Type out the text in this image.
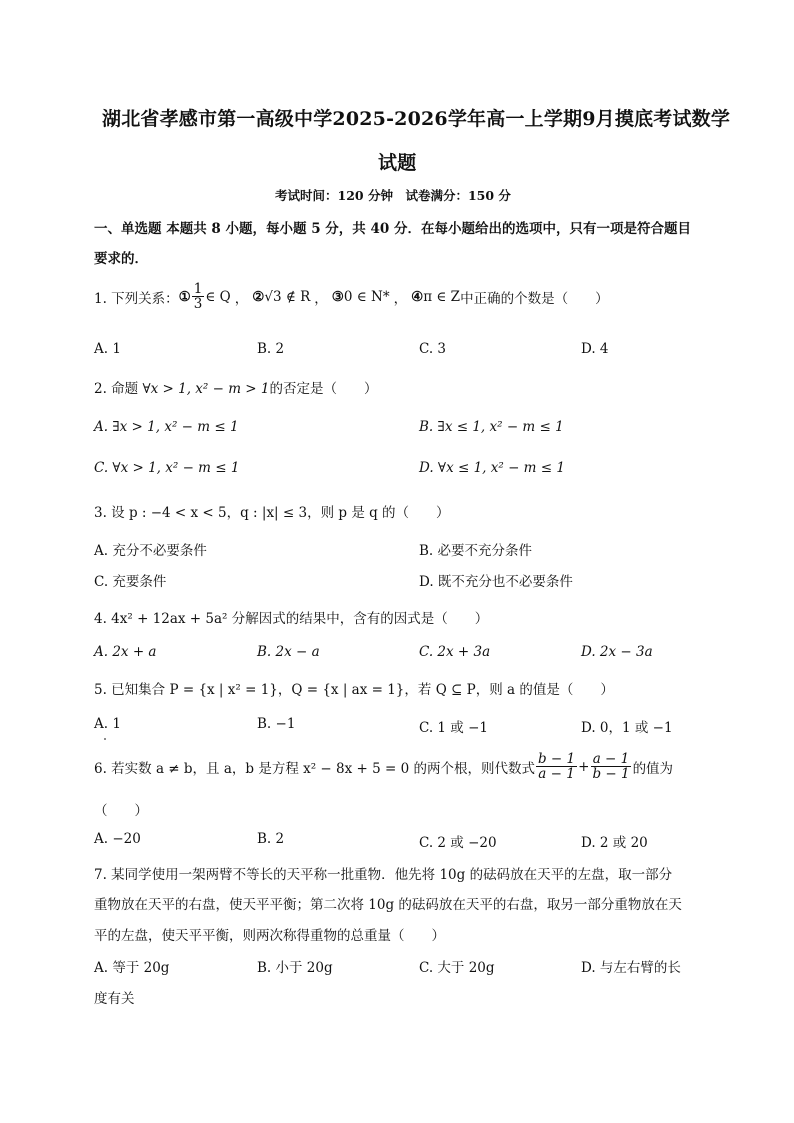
湖北省孝感市第一高级中学2025-2026学年高一上学期9月摸底考试数学
试题
考试时间：120 分钟　试卷满分：150 分
一、单选题 本题共 8 小题，每小题 5 分，共 40 分．在每小题给出的选项中，只有一项是符合题目
要求的．
1. 下列关系： ① $\frac{1}{3}$ ∈ Q ， ② √3 ∉ R ， ③ 0 ∈ N* ， ④ π ∈ Z 中正确的个数是（　　）
A. 1	B. 2	C. 3	D. 4
2. 命题 ∀x > 1, x² − m > 1的否定是（　　）
A. ∃x > 1, x² − m ≤ 1	B. ∃x ≤ 1, x² − m ≤ 1
C. ∀x > 1, x² − m ≤ 1	D. ∀x ≤ 1, x² − m ≤ 1
3. 设 p : −4 < x < 5，q : |x| ≤ 3，则 p 是 q 的（　　）
A. 充分不必要条件	B. 必要不充分条件
C. 充要条件	D. 既不充分也不必要条件
4. 4x² + 12ax + 5a² 分解因式的结果中，含有的因式是（　　）
A. 2x + a	B. 2x − a	C. 2x + 3a	D. 2x − 3a
5. 已知集合 P = {x | x² = 1}，Q = {x | ax = 1}，若 Q ⊆ P，则 a 的值是（　　）
A. 1	B. −1	C. 1 或 −1	D. 0，1 或 −1
6. 若实数 a ≠ b，且 a，b 是方程 x² − 8x + 5 = 0 的两个根，则代数式 $\frac{b - 1}{a - 1} + \frac{a - 1}{b - 1}$ 的值为
（　　）
A. −20	B. 2	C. 2 或 −20	D. 2 或 20
7. 某同学使用一架两臂不等长的天平称一批重物．他先将 10g 的砝码放在天平的左盘，取一部分
重物放在天平的右盘，使天平平衡；第二次将 10g 的砝码放在天平的右盘，取另一部分重物放在天
平的左盘，使天平平衡，则两次称得重物的总重量（　　）
A. 等于 20g	B. 小于 20g	C. 大于 20g	D. 与左右臂的长
度有关
